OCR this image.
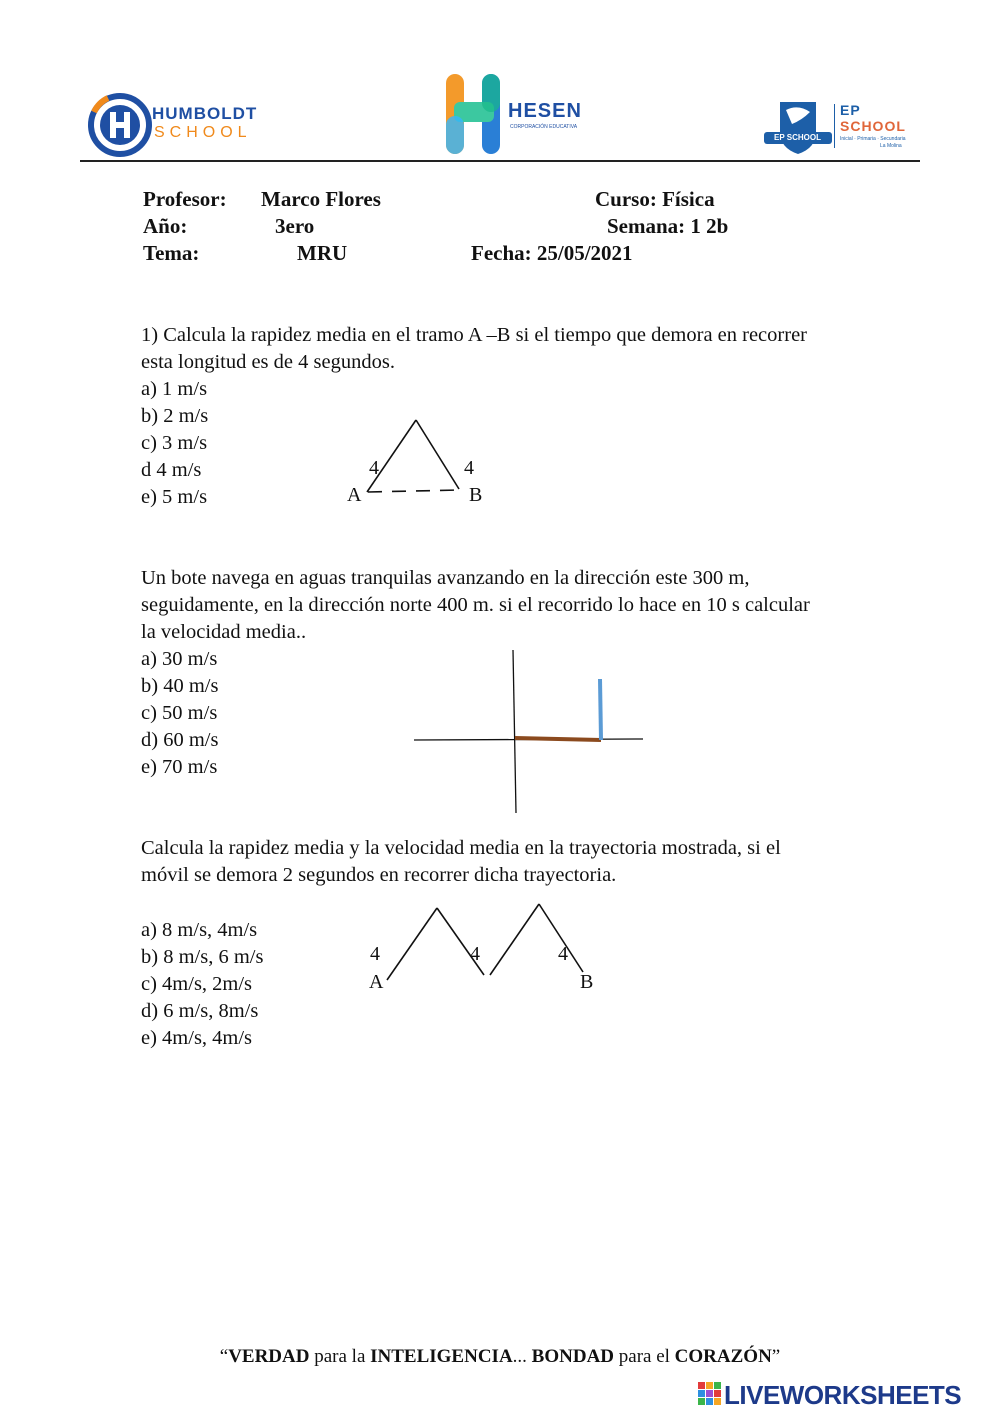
HUMBOLDT
SCHOOL
HESEN
CORPORACIÓN EDUCATIVA
EP SCHOOL
EP
SCHOOL
Inicial · Primaria · Secundaria
La Molina
Profesor: Marco Flores	Curso: Física
Año:	3ero	Semana: 1 2b
Tema:	MRU	Fecha: 25/05/2021
1) Calcula la rapidez media en el tramo A –B si el tiempo que demora en recorrer
esta longitud es de 4 segundos.
a) 1 m/s
b) 2 m/s
c) 3 m/s
d 4 m/s
e) 5 m/s
4	4
A	B
Un bote navega en aguas tranquilas avanzando en la dirección este 300 m,
seguidamente, en la dirección norte 400 m. si el recorrido lo hace en 10 s calcular
la velocidad media..
a) 30 m/s
b) 40 m/s
c) 50 m/s
d) 60 m/s
e) 70 m/s
Calcula la rapidez media y la velocidad media en la trayectoria mostrada, si el
móvil se demora 2 segundos en recorrer dicha trayectoria.
a) 8 m/s, 4m/s
b) 8 m/s, 6 m/s
c) 4m/s, 2m/s
d) 6 m/s, 8m/s
e) 4m/s, 4m/s
4	4	4
A	B
“VERDAD para la INTELIGENCIA... BONDAD para el CORAZÓN”
LIVEWORKSHEETS
